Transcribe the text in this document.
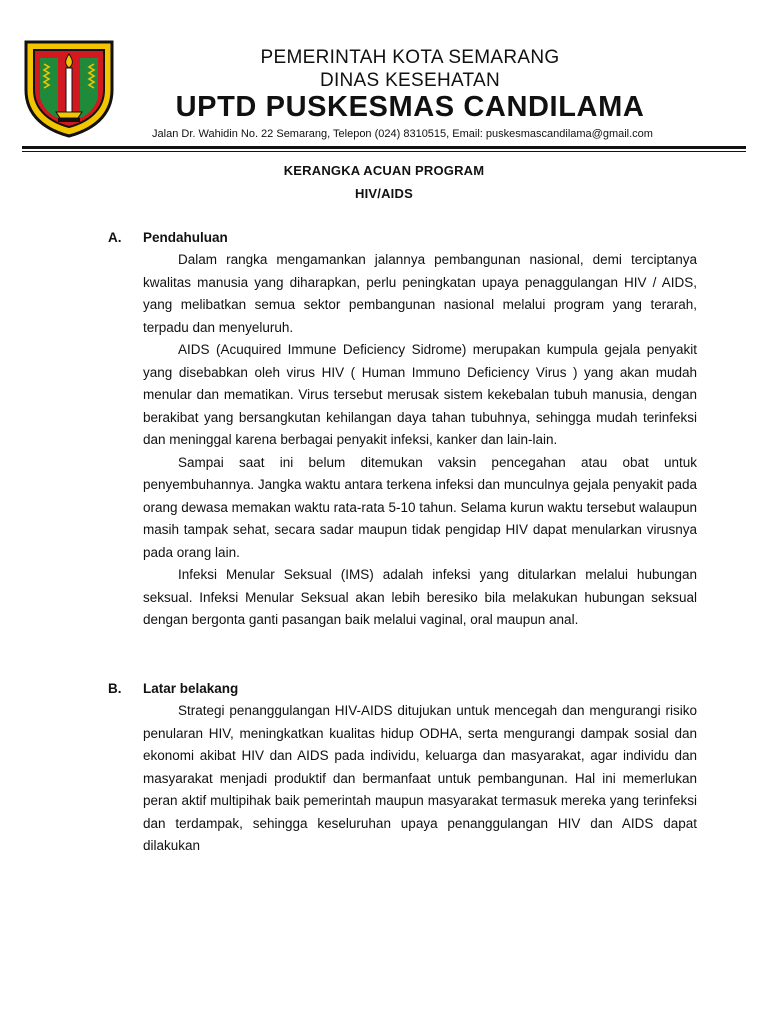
PEMERINTAH KOTA SEMARANG
DINAS KESEHATAN
UPTD PUSKESMAS CANDILAMA
Jalan Dr. Wahidin No. 22 Semarang, Telepon (024) 8310515, Email: puskesmascandilama@gmail.com
KERANGKA ACUAN PROGRAM
HIV/AIDS
A. Pendahuluan

Dalam rangka mengamankan jalannya pembangunan nasional, demi terciptanya kwalitas manusia yang diharapkan, perlu peningkatan upaya penaggulangan HIV / AIDS, yang melibatkan semua sektor pembangunan nasional melalui program yang terarah, terpadu dan menyeluruh.

AIDS (Acuquired Immune Deficiency Sidrome) merupakan kumpula gejala penyakit yang disebabkan oleh virus HIV ( Human Immuno Deficiency Virus ) yang akan mudah menular dan mematikan. Virus tersebut merusak sistem kekebalan tubuh manusia, dengan berakibat yang bersangkutan kehilangan daya tahan tubuhnya, sehingga mudah terinfeksi dan meninggal karena berbagai penyakit infeksi, kanker dan lain-lain.

Sampai saat ini belum ditemukan vaksin pencegahan atau obat untuk penyembuhannya. Jangka waktu antara terkena infeksi dan munculnya gejala penyakit pada orang dewasa memakan waktu rata-rata 5-10 tahun. Selama kurun waktu tersebut walaupun masih tampak sehat, secara sadar maupun tidak pengidap HIV dapat menularkan virusnya pada orang lain.

Infeksi Menular Seksual (IMS) adalah infeksi yang ditularkan melalui hubungan seksual. Infeksi Menular Seksual akan lebih beresiko bila melakukan hubungan seksual dengan bergonta ganti pasangan baik melalui vaginal, oral maupun anal.

B. Latar belakang

Strategi penanggulangan HIV-AIDS ditujukan untuk mencegah dan mengurangi risiko penularan HIV, meningkatkan kualitas hidup ODHA, serta mengurangi dampak sosial dan ekonomi akibat HIV dan AIDS pada individu, keluarga dan masyarakat, agar individu dan masyarakat menjadi produktif dan bermanfaat untuk pembangunan. Hal ini memerlukan peran aktif multipihak baik pemerintah maupun masyarakat termasuk mereka yang terinfeksi dan terdampak, sehingga keseluruhan upaya penanggulangan HIV dan AIDS dapat dilakukan
